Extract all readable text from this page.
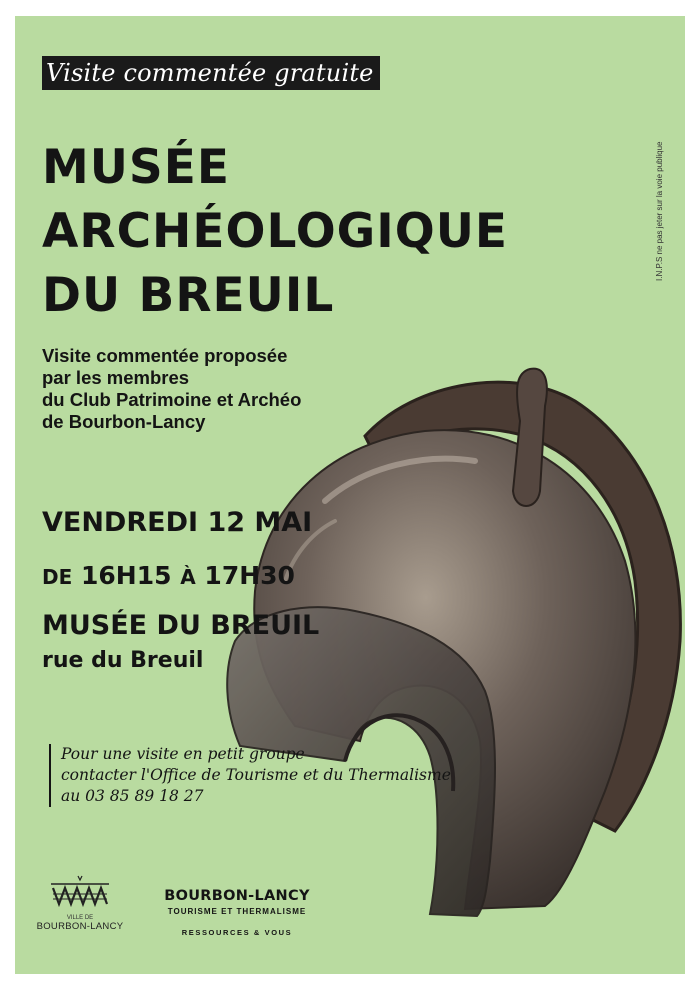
Visite commentée gratuite
MUSÉE
ARCHÉOLOGIQUE
DU BREUIL
I.N.P.S ne pas jeter sur la voie publique
Visite commentée proposée
par les membres
du Club Patrimoine et Archéo
de Bourbon-Lancy
VENDREDI 12 MAI
DE 16H15 À 17H30
MUSÉE DU BREUIL
rue du Breuil
Pour une visite en petit groupe
contacter l'Office de Tourisme et du Thermalisme
au 03 85 89 18 27
VILLE DE
BOURBON-LANCY
BOURBON-LANCY
TOURISME ET THERMALISME
RESSOURCES & VOUS
